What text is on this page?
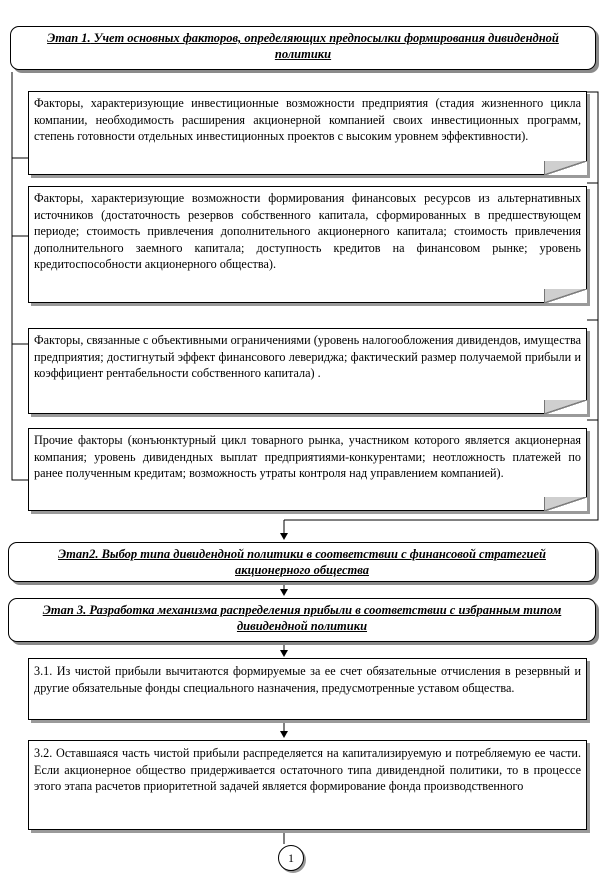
Этап 1. Учет основных факторов, определяющих предпосылки формирования дивидендной политики
Факторы, характеризующие инвестиционные возможности предприятия (стадия жизненного цикла компании, необходимость расширения акционерной компанией своих инвестиционных программ, степень готовности отдельных инвестиционных проектов с высоким уровнем эффективности).
Факторы, характеризующие возможности формирования финансовых ресурсов из альтернативных источников (достаточность резервов собственного капитала, сформированных в предшествующем периоде; стоимость привлечения дополнительного акционерного капитала; стоимость привлечения дополнительного заемного капитала; доступность кредитов на финансовом рынке; уровень кредитоспособности акционерного общества).
Факторы, связанные с объективными ограничениями (уровень налогообложения дивидендов, имущества предприятия; достигнутый эффект финансового левериджа; фактический размер получаемой прибыли и коэффициент рентабельности собственного капитала) .
Прочие факторы (конъюнктурный цикл товарного рынка, участником которого является акционерная компания; уровень дивидендных выплат предприятиями-конкурентами; неотложность платежей по ранее полученным кредитам; возможность утраты контроля над управлением компанией).
Этап2. Выбор типа дивидендной политики в соответствии с финансовой стратегией акционерного общества
Этап 3. Разработка механизма распределения прибыли в соответствии с избранным типом дивидендной политики
3.1. Из чистой прибыли вычитаются формируемые за ее счет обязательные отчисления в резервный и другие обязательные фонды специального назначения, предусмотренные уставом общества.
3.2. Оставшаяся часть чистой прибыли распределяется на капитализируемую и потребляемую ее части. Если акционерное общество придерживается остаточного типа дивидендной политики, то в процессе этого этапа расчетов приоритетной задачей является формирование фонда производственного
1
